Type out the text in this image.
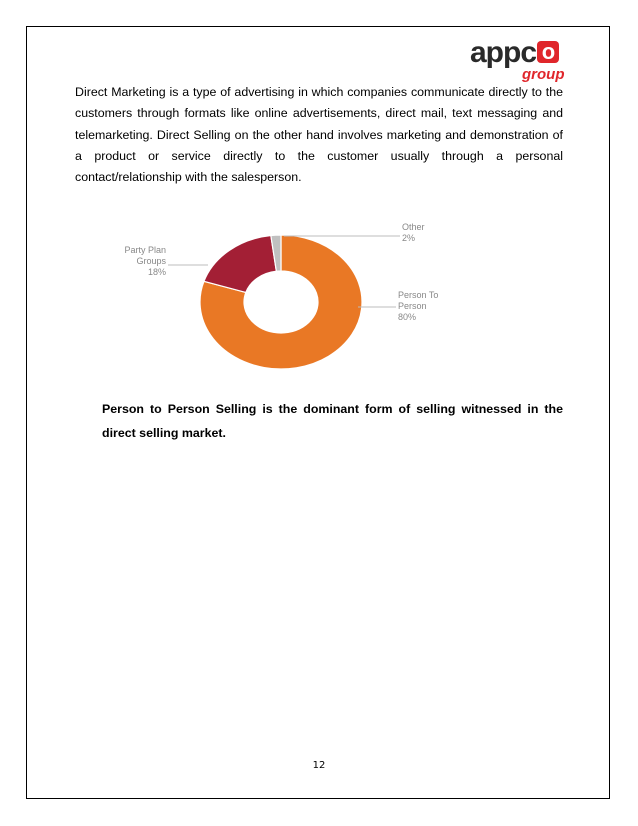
appc o
group

Direct Marketing is a type of advertising in which companies communicate directly to the customers through formats like online advertisements, direct mail, text messaging and telemarketing. Direct Selling on the other hand involves marketing and demonstration of a product or service directly to the customer usually through a personal contact/relationship with the salesperson.

Person To
Person
80%
Party Plan
Groups
18%
Other
2%

Person to Person Selling is the dominant form of selling witnessed in the direct selling market.

12
